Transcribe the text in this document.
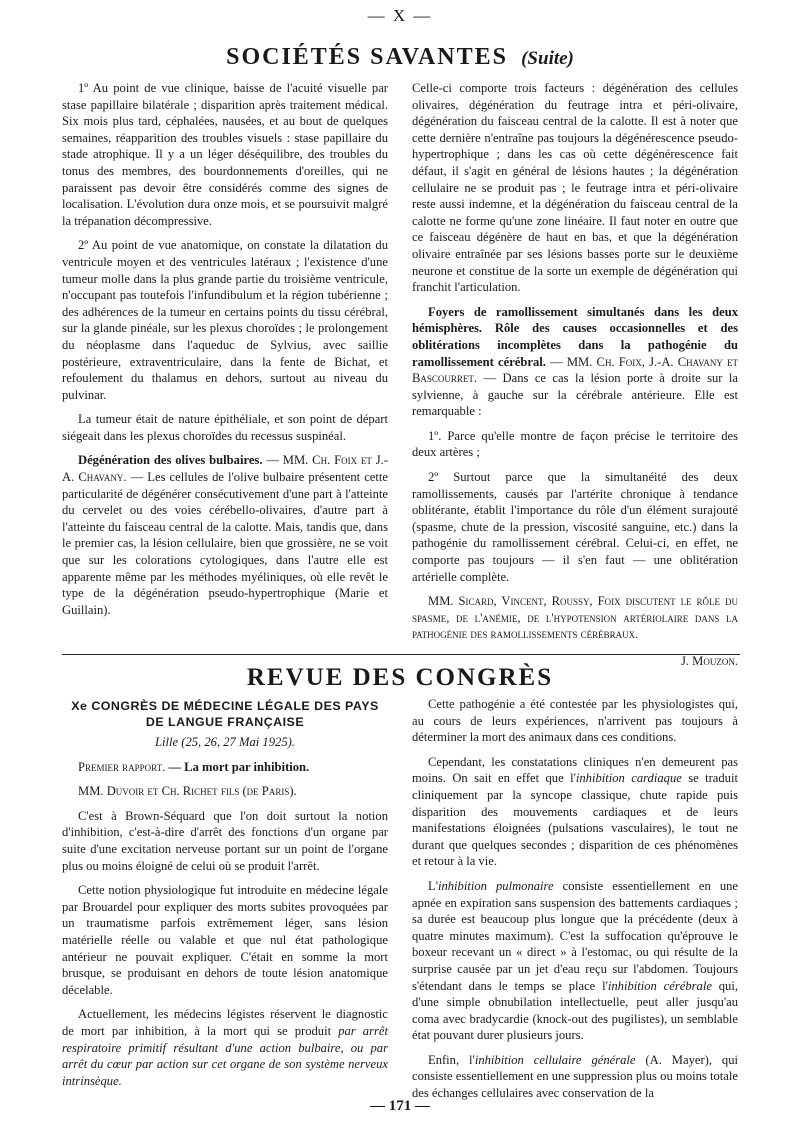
— X —
SOCIÉTÉS SAVANTES (Suite)

1º Au point de vue clinique, baisse de l'acuité visuelle par stase papillaire bilatérale ; disparition après traitement médical. Six mois plus tard, céphalées, nausées, et au bout de quelques semaines, réapparition des troubles visuels : stase papillaire du stade atrophique. Il y a un léger déséquilibre, des troubles du tonus des membres, des bourdonnements d'oreilles, qui ne paraissent pas devoir être considérés comme des signes de localisation. L'évolution dura onze mois, et se poursuivit malgré la trépanation décompressive.

2º Au point de vue anatomique, on constate la dilatation du ventricule moyen et des ventricules latéraux ; l'existence d'une tumeur molle dans la plus grande partie du troisième ventricule, n'occupant pas toutefois l'infundibulum et la région tubérienne ; des adhérences de la tumeur en certains points du tissu cérébral, sur la glande pinéale, sur les plexus choroïdes ; le prolongement du néoplasme dans l'aqueduc de Sylvius, avec saillie postérieure, extraventriculaire, dans la fente de Bichat, et refoulement du thalamus en dehors, surtout au niveau du pulvinar.

La tumeur était de nature épithéliale, et son point de départ siégeait dans les plexus choroïdes du recessus suspinéal.

Dégénération des olives bulbaires. — MM. Ch. Foix et J.-A. Chavany. — Les cellules de l'olive bulbaire présentent cette particularité de dégénérer consécutivement d'une part à l'atteinte du cervelet ou des voies cérébello-olivaires, d'autre part à l'atteinte du faisceau central de la calotte. Mais, tandis que, dans le premier cas, la lésion cellulaire, bien que grossière, ne se voit que sur les colorations cytologiques, dans l'autre elle est apparente même par les méthodes myéliniques, où elle revêt le type de la dégénération pseudo-hypertrophique (Marie et Guillain).

Celle-ci comporte trois facteurs : dégénération des cellules olivaires, dégénération du feutrage intra et péri-olivaire, dégénération du faisceau central de la calotte. Il est à noter que cette dernière n'entraîne pas toujours la dégénérescence pseudo-hypertrophique ; dans les cas où cette dégénérescence fait défaut, il s'agit en général de lésions hautes ; la dégénération cellulaire ne se produit pas ; le feutrage intra et péri-olivaire reste aussi indemne, et la dégénération du faisceau central de la calotte ne forme qu'une zone linéaire. Il faut noter en outre que ce faisceau dégénère de haut en bas, et que la dégénération olivaire entraînée par ses lésions basses porte sur le deuxième neurone et constitue de la sorte un exemple de dégénération qui franchit l'articulation.

Foyers de ramollissement simultanés dans les deux hémisphères. Rôle des causes occasionnelles et des oblitérations incomplètes dans la pathogénie du ramollissement cérébral. — MM. Ch. Foix, J.-A. Chavany et Bascourret. — Dans ce cas la lésion porte à droite sur la sylvienne, à gauche sur la cérébrale antérieure. Elle est remarquable :

1º. Parce qu'elle montre de façon précise le territoire des deux artères ;

2º Surtout parce que la simultanéité des deux ramollissements, causés par l'artérite chronique à tendance oblitérante, établit l'importance du rôle d'un élément surajouté (spasme, chute de la pression, viscosité sanguine, etc.) dans la pathogénie du ramollissement cérébral. Celui-ci, en effet, ne comporte pas toujours — il s'en faut — une oblitération artérielle complète.

MM. Sicard, Vincent, Roussy, Foix discutent le rôle du spasme, de l'anémie, de l'hypotension artériolaire dans la pathogénie des ramollissements cérébraux.

J. Mouzon.
REVUE DES CONGRÈS
Xe CONGRÈS DE MÉDECINE LÉGALE DES PAYS
DE LANGUE FRANÇAISE
Lille (25, 26, 27 Mai 1925).

Premier rapport. — La mort par inhibition.

MM. Duvoir et Ch. Richet fils (de Paris).

C'est à Brown-Séquard que l'on doit surtout la notion d'inhibition, c'est-à-dire d'arrêt des fonctions d'un organe par suite d'une excitation nerveuse portant sur un point de l'organe plus ou moins éloigné de celui où se produit l'arrêt.

Cette notion physiologique fut introduite en médecine légale par Brouardel pour expliquer des morts subites provoquées par un traumatisme parfois extrêmement léger, sans lésion matérielle réelle ou valable et que nul état pathologique antérieur ne pouvait expliquer. C'était en somme la mort brusque, se produisant en dehors de toute lésion anatomique décelable.

Actuellement, les médecins légistes réservent le diagnostic de mort par inhibition, à la mort qui se produit par arrêt respiratoire primitif résultant d'une action bulbaire, ou par arrêt du cœur par action sur cet organe de son système nerveux intrinsèque.

Cette pathogénie a été contestée par les physiologistes qui, au cours de leurs expériences, n'arrivent pas toujours à déterminer la mort des animaux dans ces conditions.

Cependant, les constatations cliniques n'en demeurent pas moins. On sait en effet que l'inhibition cardiaque se traduit cliniquement par la syncope classique, chute rapide puis disparition des mouvements cardiaques et de leurs manifestations éloignées (pulsations vasculaires), le tout ne durant que quelques secondes ; disparition de ces phénomènes et retour à la vie.

L'inhibition pulmonaire consiste essentiellement en une apnée en expiration sans suspension des battements cardiaques ; sa durée est beaucoup plus longue que la précédente (deux à quatre minutes maximum). C'est la suffocation qu'éprouve le boxeur recevant un « direct » à l'estomac, ou qui résulte de la surprise causée par un jet d'eau reçu sur l'abdomen. Toujours s'étendant dans le temps se place l'inhibition cérébrale qui, d'une simple obnubilation intellectuelle, peut aller jusqu'au coma avec bradycardie (knock-out des pugilistes), un semblable état pouvant durer plusieurs jours.

Enfin, l'inhibition cellulaire générale (A. Mayer), qui consiste essentiellement en une suppression plus ou moins totale des échanges cellulaires avec conservation de la

— 171 —
